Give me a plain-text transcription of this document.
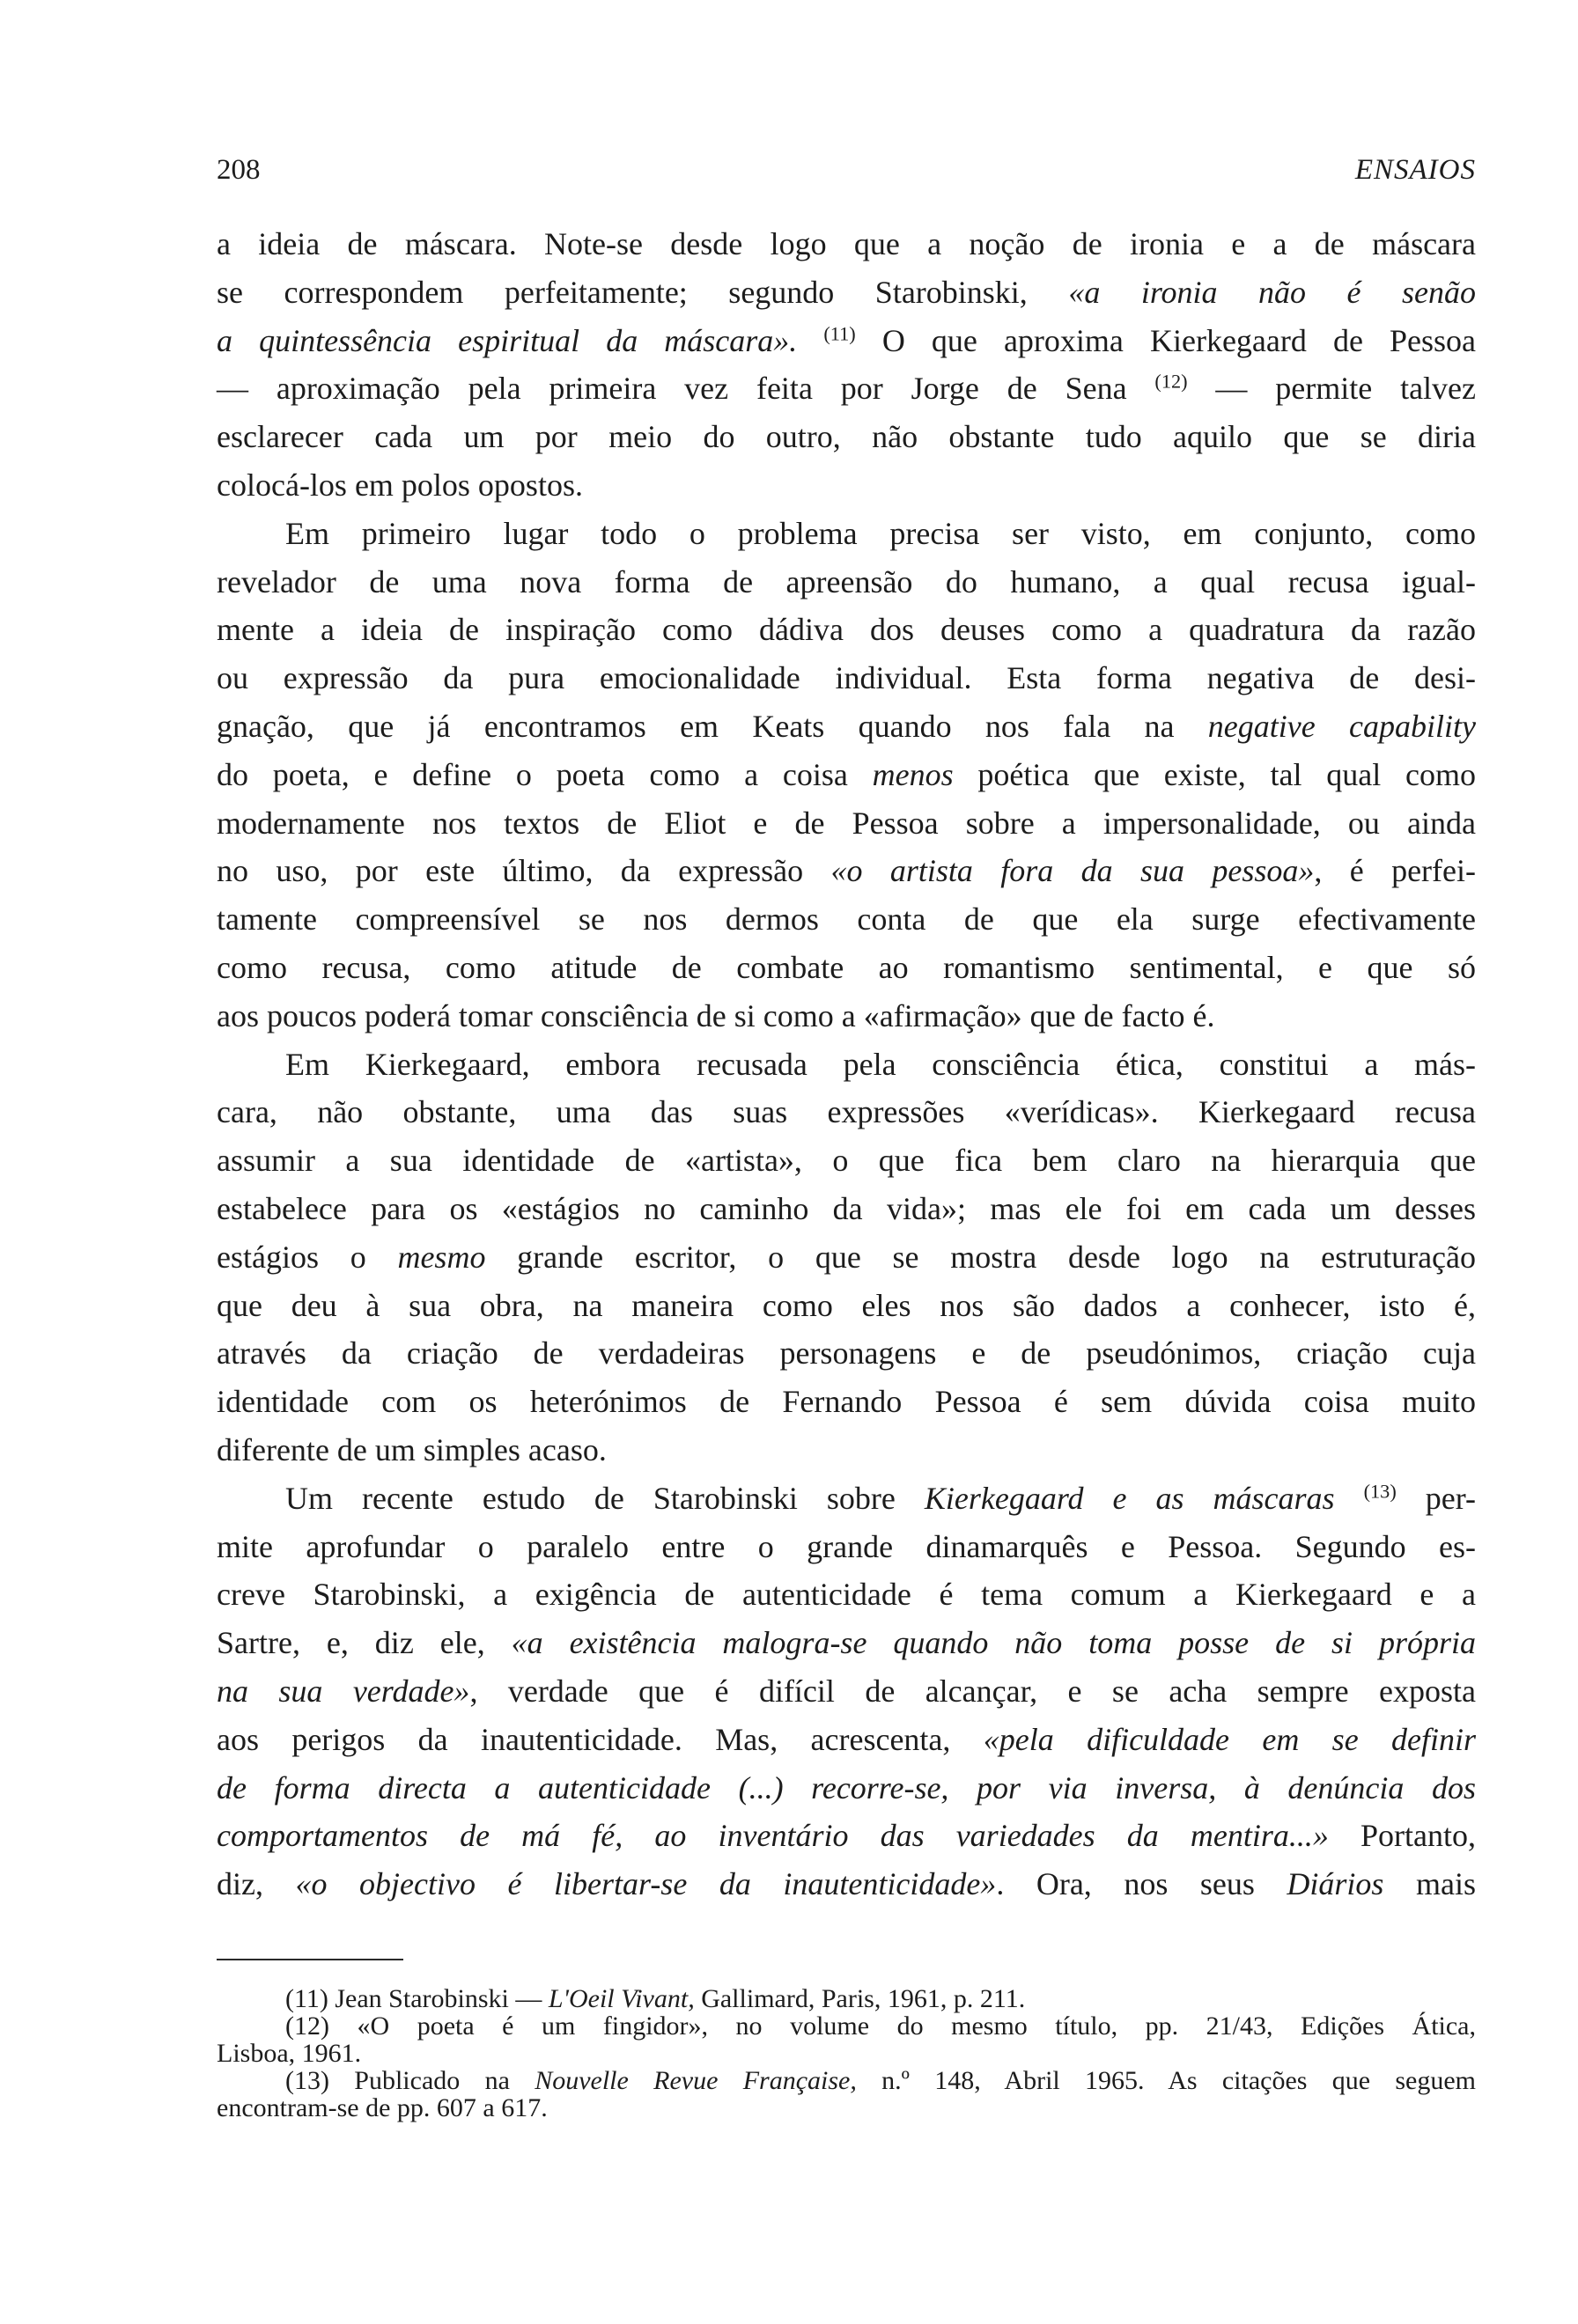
208	ENSAIOS
a ideia de máscara. Note-se desde logo que a noção de ironia e a de máscara
se correspondem perfeitamente; segundo Starobinski, «a ironia não é senão
a quintessência espiritual da máscara». $^{(11)}$ O que aproxima Kierkegaard de Pessoa
— aproximação pela primeira vez feita por Jorge de Sena $^{(12)}$ — permite talvez
esclarecer cada um por meio do outro, não obstante tudo aquilo que se diria
colocá-los em polos opostos.
Em primeiro lugar todo o problema precisa ser visto, em conjunto, como
revelador de uma nova forma de apreensão do humano, a qual recusa igual-
mente a ideia de inspiração como dádiva dos deuses como a quadratura da razão
ou expressão da pura emocionalidade individual. Esta forma negativa de desi-
gnação, que já encontramos em Keats quando nos fala na negative capability
do poeta, e define o poeta como a coisa menos poética que existe, tal qual como
modernamente nos textos de Eliot e de Pessoa sobre a impersonalidade, ou ainda
no uso, por este último, da expressão «o artista fora da sua pessoa», é perfei-
tamente compreensível se nos dermos conta de que ela surge efectivamente
como recusa, como atitude de combate ao romantismo sentimental, e que só
aos poucos poderá tomar consciência de si como a «afirmação» que de facto é.
Em Kierkegaard, embora recusada pela consciência ética, constitui a más-
cara, não obstante, uma das suas expressões «verídicas». Kierkegaard recusa
assumir a sua identidade de «artista», o que fica bem claro na hierarquia que
estabelece para os «estágios no caminho da vida»; mas ele foi em cada um desses
estágios o mesmo grande escritor, o que se mostra desde logo na estruturação
que deu à sua obra, na maneira como eles nos são dados a conhecer, isto é,
através da criação de verdadeiras personagens e de pseudónimos, criação cuja
identidade com os heterónimos de Fernando Pessoa é sem dúvida coisa muito
diferente de um simples acaso.
Um recente estudo de Starobinski sobre Kierkegaard e as máscaras $^{(13)}$ per-
mite aprofundar o paralelo entre o grande dinamarquês e Pessoa. Segundo es-
creve Starobinski, a exigência de autenticidade é tema comum a Kierkegaard e a
Sartre, e, diz ele, «a existência malogra-se quando não toma posse de si própria
na sua verdade», verdade que é difícil de alcançar, e se acha sempre exposta
aos perigos da inautenticidade. Mas, acrescenta, «pela dificuldade em se definir
de forma directa a autenticidade (...) recorre-se, por via inversa, à denúncia dos
comportamentos de má fé, ao inventário das variedades da mentira...» Portanto,
diz, «o objectivo é libertar-se da inautenticidade». Ora, nos seus Diários mais
(11) Jean Starobinski — L'Oeil Vivant, Gallimard, Paris, 1961, p. 211.
(12) «O poeta é um fingidor», no volume do mesmo título, pp. 21/43, Edições Ática,
Lisboa, 1961.
(13) Publicado na Nouvelle Revue Française, n.º 148, Abril 1965. As citações que seguem
encontram-se de pp. 607 a 617.
